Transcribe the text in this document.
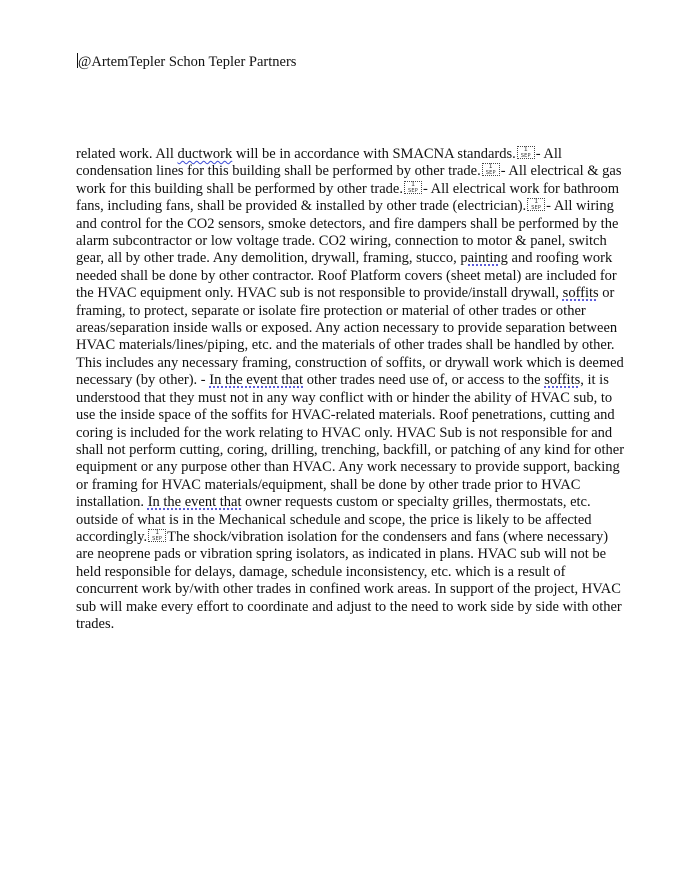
@ArtemTepler Schon Tepler Partners
related work. All ductwork will be in accordance with SMACNA standards.	1
SEP - All condensation lines for this building shall be performed by other trade.	1
SEP - All electrical & gas work for this building shall be performed by other trade.	1
SEP - All electrical work for bathroom fans, including fans, shall be provided & installed by other trade (electrician).	1
SEP - All wiring and control for the CO2 sensors, smoke detectors, and fire dampers shall be performed by the alarm subcontractor or low voltage trade. CO2 wiring, connection to motor & panel, switch gear, all by other trade. Any demolition, drywall, framing, stucco, painting and roofing work needed shall be done by other contractor. Roof Platform covers (sheet metal) are included for the HVAC equipment only. HVAC sub is not responsible to provide/install drywall, soffits or framing, to protect, separate or isolate fire protection or material of other trades or other areas/separation inside walls or exposed. Any action necessary to provide separation between HVAC materials/lines/piping, etc. and the materials of other trades shall be handled by other. This includes any necessary framing, construction of soffits, or drywall work which is deemed necessary (by other). - In the event that other trades need use of, or access to the soffits, it is understood that they must not in any way conflict with or hinder the ability of HVAC sub, to use the inside space of the soffits for HVAC-related materials. Roof penetrations, cutting and coring is included for the work relating to HVAC only. HVAC Sub is not responsible for and shall not perform cutting, coring, drilling, trenching, backfill, or patching of any kind for other equipment or any purpose other than HVAC. Any work necessary to provide support, backing or framing for HVAC materials/equipment, shall be done by other trade prior to HVAC installation. In the event that owner requests custom or specialty grilles, thermostats, etc. outside of what is in the Mechanical schedule and scope, the price is likely to be affected accordingly.	1
SEP The shock/vibration isolation for the condensers and fans (where necessary) are neoprene pads or vibration spring isolators, as indicated in plans. HVAC sub will not be held responsible for delays, damage, schedule inconsistency, etc. which is a result of concurrent work by/with other trades in confined work areas. In support of the project, HVAC sub will make every effort to coordinate and adjust to the need to work side by side with other trades.
